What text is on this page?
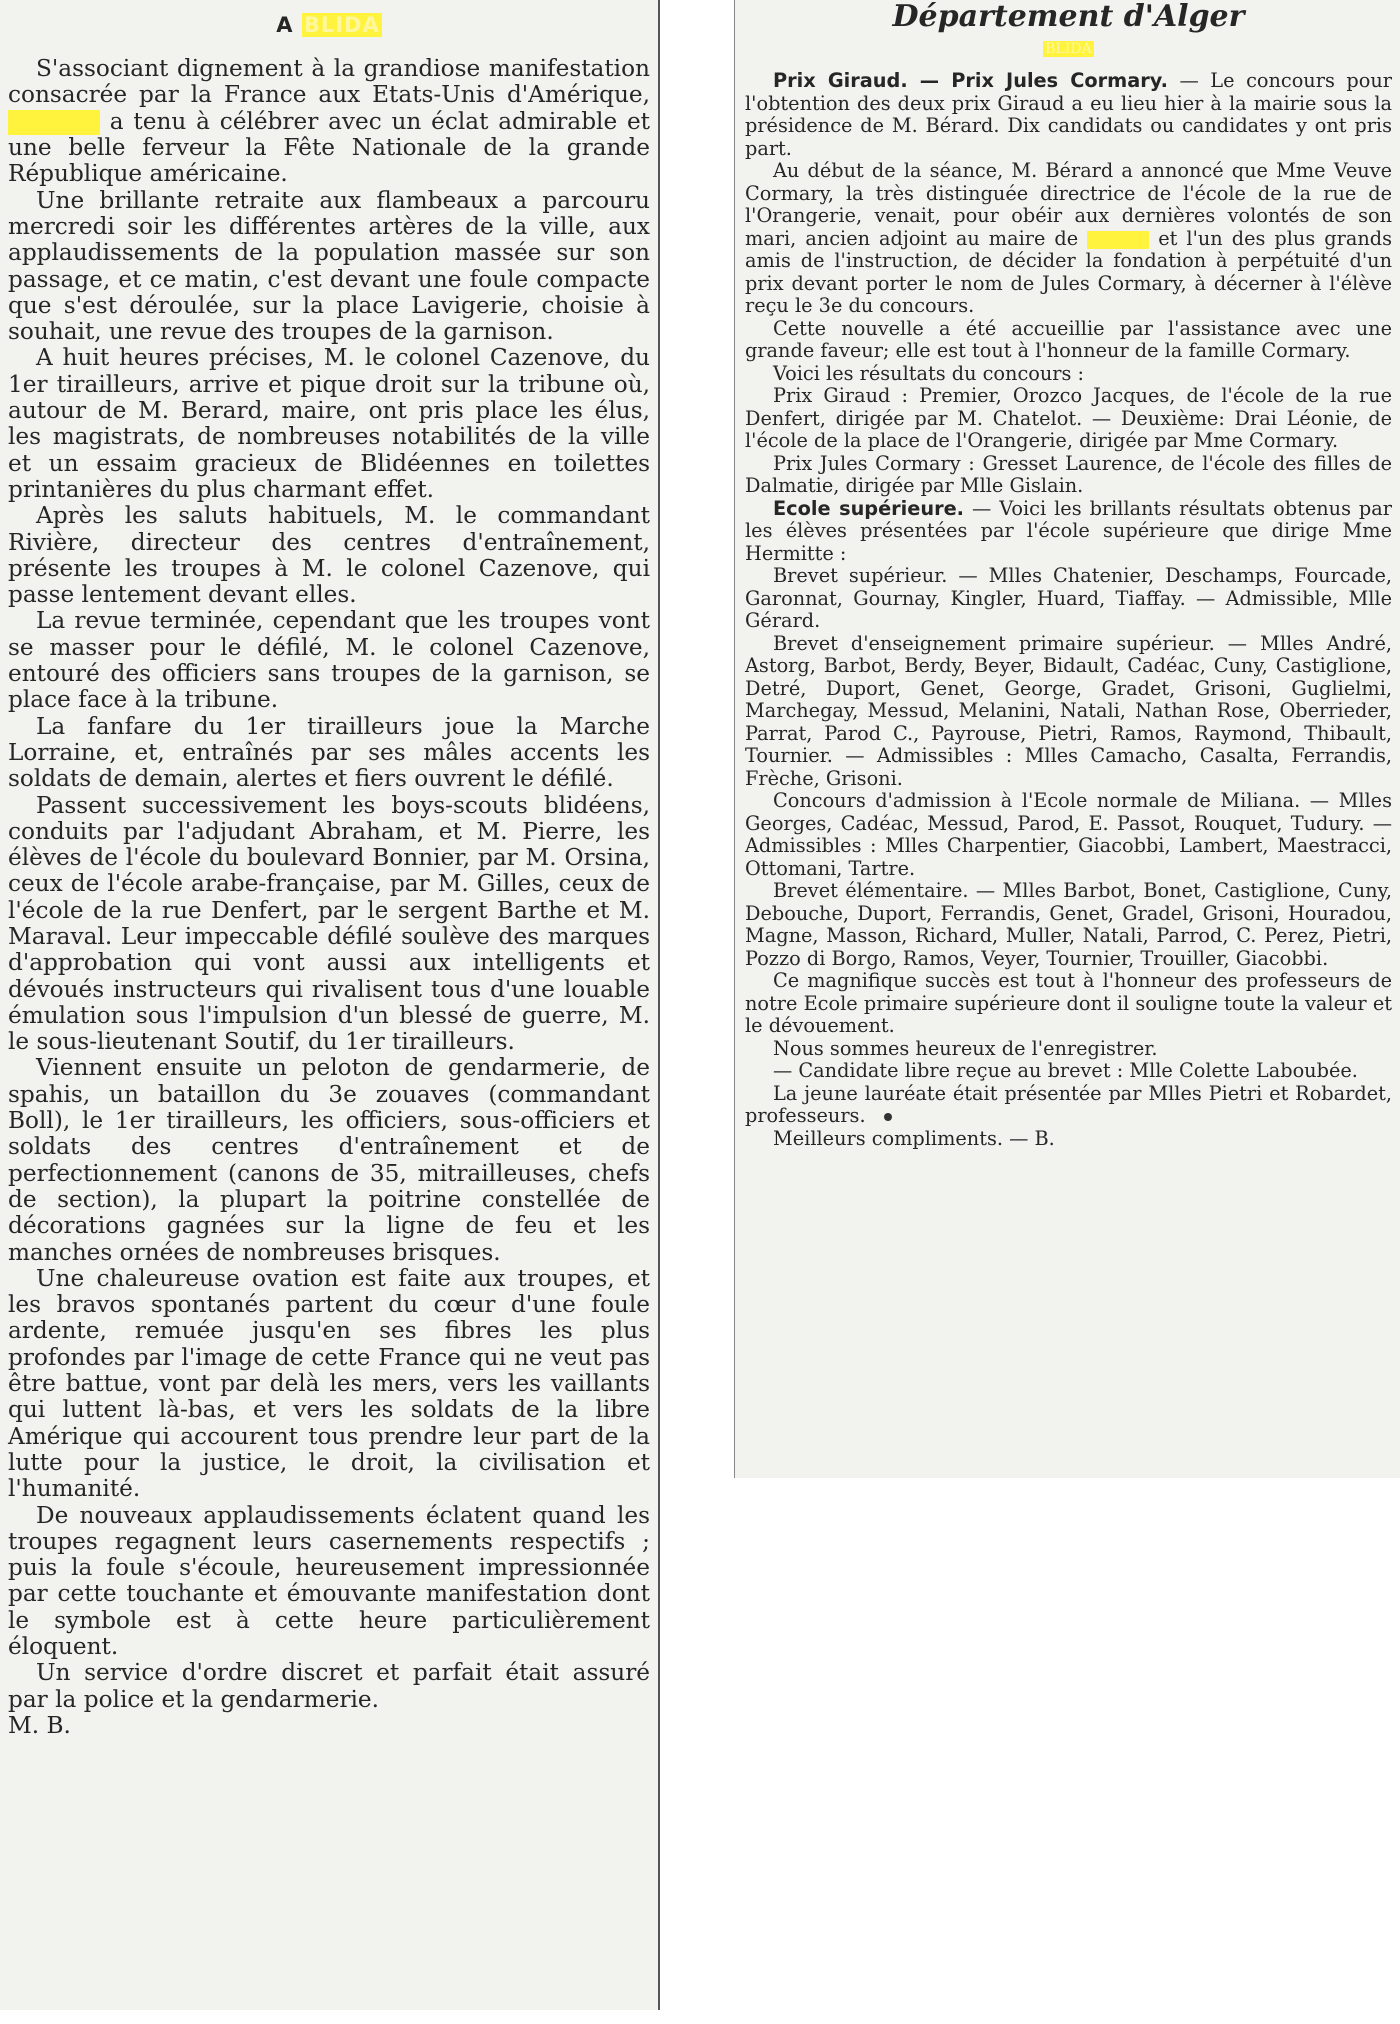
A BLIDA

S'associant dignement à la grandiose manifestation consacrée par la France aux Etats-Unis d'Amérique,  a tenu à célébrer avec un éclat admirable et une belle ferveur la Fête Nationale de la grande République américaine.

Une brillante retraite aux flambeaux a parcouru mercredi soir les différentes artères de la ville, aux applaudissements de la population massée sur son passage, et ce matin, c'est devant une foule compacte que s'est déroulée, sur la place Lavigerie, choisie à souhait, une revue des troupes de la garnison.

A huit heures précises, M. le colonel Cazenove, du 1er tirailleurs, arrive et pique droit sur la tribune où, autour de M. Berard, maire, ont pris place les élus, les magistrats, de nombreuses notabilités de la ville et un essaim gracieux de Blidéennes en toilettes printanières du plus charmant effet.

Après les saluts habituels, M. le commandant Rivière, directeur des centres d'entraînement, présente les troupes à M. le colonel Cazenove, qui passe lentement devant elles.

La revue terminée, cependant que les troupes vont se masser pour le défilé, M. le colonel Cazenove, entouré des officiers sans troupes de la garnison, se place face à la tribune.

La fanfare du 1er tirailleurs joue la Marche Lorraine, et, entraînés par ses mâles accents les soldats de demain, alertes et fiers ouvrent le défilé.

Passent successivement les boys-scouts blidéens, conduits par l'adjudant Abraham, et M. Pierre, les élèves de l'école du boulevard Bonnier, par M. Orsina, ceux de l'école arabe-française, par M. Gilles, ceux de l'école de la rue Denfert, par le sergent Barthe et M. Maraval. Leur impeccable défilé soulève des marques d'approbation qui vont aussi aux intelligents et dévoués instructeurs qui rivalisent tous d'une louable émulation sous l'impulsion d'un blessé de guerre, M. le sous-lieutenant Soutif, du 1er tirailleurs.

Viennent ensuite un peloton de gendarmerie, de spahis, un bataillon du 3e zouaves (commandant Boll), le 1er tirailleurs, les officiers, sous-officiers et soldats des centres d'entraînement et de perfectionnement (canons de 35, mitrailleuses, chefs de section), la plupart la poitrine constellée de décorations gagnées sur la ligne de feu et les manches ornées de nombreuses brisques.

Une chaleureuse ovation est faite aux troupes, et les bravos spontanés partent du cœur d'une foule ardente, remuée jusqu'en ses fibres les plus profondes par l'image de cette France qui ne veut pas être battue, vont par delà les mers, vers les vaillants qui luttent là-bas, et vers les soldats de la libre Amérique qui accourent tous prendre leur part de la lutte pour la justice, le droit, la civilisation et l'humanité.

De nouveaux applaudissements éclatent quand les troupes regagnent leurs casernements respectifs ; puis la foule s'écoule, heureusement impressionnée par cette touchante et émouvante manifestation dont le symbole est à cette heure particulièrement éloquent.

Un service d'ordre discret et parfait était assuré par la police et la gendarmerie.

M. B.

Département d'Alger
BLIDA

Prix Giraud. — Prix Jules Cormary. — Le concours pour l'obtention des deux prix Giraud a eu lieu hier à la mairie sous la présidence de M. Bérard. Dix candidats ou candidates y ont pris part.

Au début de la séance, M. Bérard a annoncé que Mme Veuve Cormary, la très distinguée directrice de l'école de la rue de l'Orangerie, venait, pour obéir aux dernières volontés de son mari, ancien adjoint au maire de	et l'un des plus grands amis de l'instruction, de décider la fondation à perpétuité d'un prix devant porter le nom de Jules Cormary, à décerner à l'élève reçu le 3e du concours.

Cette nouvelle a été accueillie par l'assistance avec une grande faveur; elle est tout à l'honneur de la famille Cormary.

Voici les résultats du concours :

Prix Giraud : Premier, Orozco Jacques, de l'école de la rue Denfert, dirigée par M. Chatelot. — Deuxième: Drai Léonie, de l'école de la place de l'Orangerie, dirigée par Mme Cormary.

Prix Jules Cormary : Gresset Laurence, de l'école des filles de Dalmatie, dirigée par Mlle Gislain.

Ecole supérieure. — Voici les brillants résultats obtenus par les élèves présentées par l'école supérieure que dirige Mme Hermitte :

Brevet supérieur. — Mlles Chatenier, Deschamps, Fourcade, Garonnat, Gournay, Kingler, Huard, Tiaffay. — Admissible, Mlle Gérard.

Brevet d'enseignement primaire supérieur. — Mlles André, Astorg, Barbot, Berdy, Beyer, Bidault, Cadéac, Cuny, Castiglione, Detré, Duport, Genet, George, Gradet, Grisoni, Guglielmi, Marchegay, Messud, Melanini, Natali, Nathan Rose, Oberrieder, Parrat, Parod C., Payrouse, Pietri, Ramos, Raymond, Thibault, Tournier. — Admissibles : Mlles Camacho, Casalta, Ferrandis, Frèche, Grisoni.

Concours d'admission à l'Ecole normale de Miliana. — Mlles Georges, Cadéac, Messud, Parod, E. Passot, Rouquet, Tudury. — Admissibles : Mlles Charpentier, Giacobbi, Lambert, Maestracci, Ottomani, Tartre.

Brevet élémentaire. — Mlles Barbot, Bonet, Castiglione, Cuny, Debouche, Duport, Ferrandis, Genet, Gradel, Grisoni, Houradou, Magne, Masson, Richard, Muller, Natali, Parrod, C. Perez, Pietri, Pozzo di Borgo, Ramos, Veyer, Tournier, Trouiller, Giacobbi.

Ce magnifique succès est tout à l'honneur des professeurs de notre Ecole primaire supérieure dont il souligne toute la valeur et le dévouement.

Nous sommes heureux de l'enregistrer.

— Candidate libre reçue au brevet : Mlle Colette Laboubée.

La jeune lauréate était présentée par Mlles Pietri et Robardet, professeurs.

Meilleurs compliments. — B.
